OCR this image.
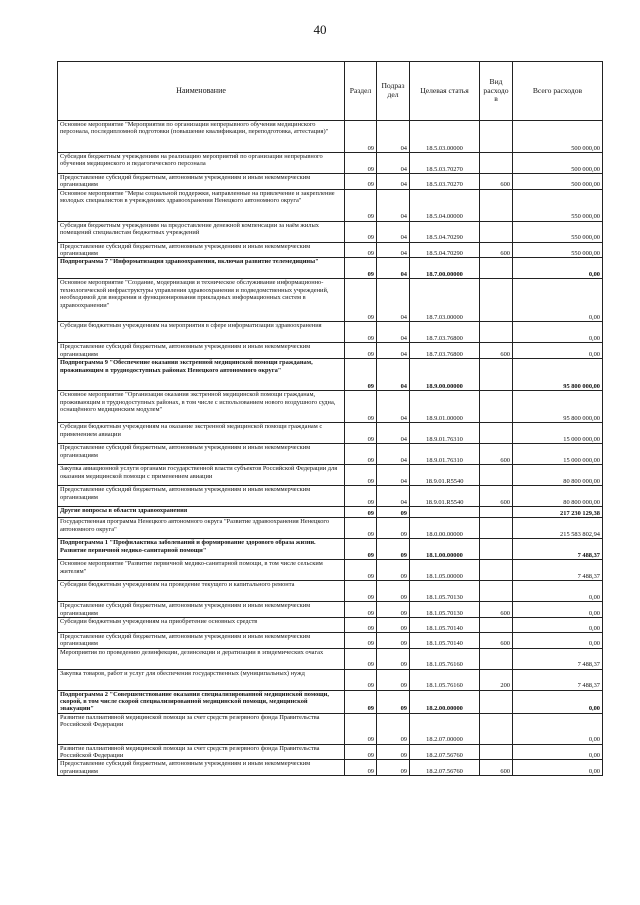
40
Наименование	Раздел	Подраз дел	Целевая статья	Вид расходо в	Всего расходов
Основное мероприятие "Мероприятия по организации непрерывного обучения медицинского персонала, последипломной подготовки (повышение квалификации, переподготовка, аттестация)"	09	04	18.5.03.00000		500 000,00
Субсидия бюджетным учреждениям на реализацию мероприятий по организации непрерывного обучения медицинского и педагогического персонала	09	04	18.5.03.70270		500 000,00
Предоставление субсидий бюджетным, автономным учреждениям и иным некоммерческим организациям	09	04	18.5.03.70270	600	500 000,00
Основное мероприятие "Меры социальной поддержки, направленные на привлечение и закрепление молодых специалистов в учреждениях здравоохранения Ненецкого автономного округа"	09	04	18.5.04.00000		550 000,00
Субсидия бюджетным учреждениям на предоставление денежной компенсации за наём жилых помещений специалистам бюджетных учреждений	09	04	18.5.04.70290		550 000,00
Предоставление субсидий бюджетным, автономным учреждениям и иным некоммерческим организациям	09	04	18.5.04.70290	600	550 000,00
Подпрограмма 7 "Информатизация здравоохранения, включая развитие телемедицины"	09	04	18.7.00.00000		0,00
Основное мероприятие "Создание, модернизация и техническое обслуживание информационно-технологической инфраструктуры управления здравоохранения и подведомственных учреждений, необходимой для внедрения и функционирования прикладных информационных систем в здравоохранении"	09	04	18.7.03.00000		0,00
Субсидии бюджетным учреждениям на мероприятия в сфере информатизации здравоохранения	09	04	18.7.03.76800		0,00
Предоставление субсидий бюджетным, автономным учреждениям и иным некоммерческим организациям	09	04	18.7.03.76800	600	0,00
Подпрограмма 9 "Обеспечение оказания экстренной медицинской помощи гражданам, проживающим в труднодоступных районах Ненецкого автономного округа"	09	04	18.9.00.00000		95 800 000,00
Основное мероприятие "Организация оказания экстренной медицинской помощи гражданам, проживающим в труднодоступных районах, в том числе с использованием нового воздушного судна, оснащённого медицинским модулем"	09	04	18.9.01.00000		95 800 000,00
Субсидии бюджетным учреждениям на оказание экстренной медицинской помощи гражданам с применением авиации	09	04	18.9.01.76310		15 000 000,00
Предоставление субсидий бюджетным, автономным учреждениям и иным некоммерческим организациям	09	04	18.9.01.76310	600	15 000 000,00
Закупка авиационной услуги органами государственной власти субъектов Российской Федерации для оказания медицинской помощи с применением авиации	09	04	18.9.01.R5540		80 800 000,00
Предоставление субсидий бюджетным, автономным учреждениям и иным некоммерческим организациям	09	04	18.9.01.R5540	600	80 800 000,00
Другие вопросы в области здравоохранения	09	09			217 230 129,38
Государственная программа Ненецкого автономного округа "Развитие здравоохранения Ненецкого автономного округа"	09	09	18.0.00.00000		215 583 802,94
Подпрограмма 1 "Профилактика заболеваний и формирование здорового образа жизни. Развитие первичной медико-санитарной помощи"	09	09	18.1.00.00000		7 488,37
Основное мероприятие "Развитие первичной медико-санитарной помощи, в том числе сельским жителям"	09	09	18.1.05.00000		7 488,37
Субсидии бюджетным учреждениям на проведение текущего и капитального ремонта	09	09	18.1.05.70130		0,00
Предоставление субсидий бюджетным, автономным учреждениям и иным некоммерческим организациям	09	09	18.1.05.70130	600	0,00
Субсидии бюджетным учреждениям на приобретение основных средств	09	09	18.1.05.70140		0,00
Предоставление субсидий бюджетным, автономным учреждениям и иным некоммерческим организациям	09	09	18.1.05.70140	600	0,00
Мероприятия по проведению дезинфекции, дезинсекции и дератизации в эпидемических очагах	09	09	18.1.05.76160		7 488,37
Закупка товаров, работ и услуг для обеспечения государственных (муниципальных) нужд	09	09	18.1.05.76160	200	7 488,37
Подпрограмма 2 "Совершенствование оказания специализированной медицинской помощи, скорой, в том числе скорой специализированной медицинской помощи, медицинской эвакуации"	09	09	18.2.00.00000		0,00
Развитие паллиативной медицинской помощи за счет средств резервного фонда Правительства Российской Федерации	09	09	18.2.07.00000		0,00
Развитие паллиативной медицинской помощи за счет средств резервного фонда Правительства Российской Федерации	09	09	18.2.07.56760		0,00
Предоставление субсидий бюджетным, автономным учреждениям и иным некоммерческим организациям	09	09	18.2.07.56760	600	0,00
